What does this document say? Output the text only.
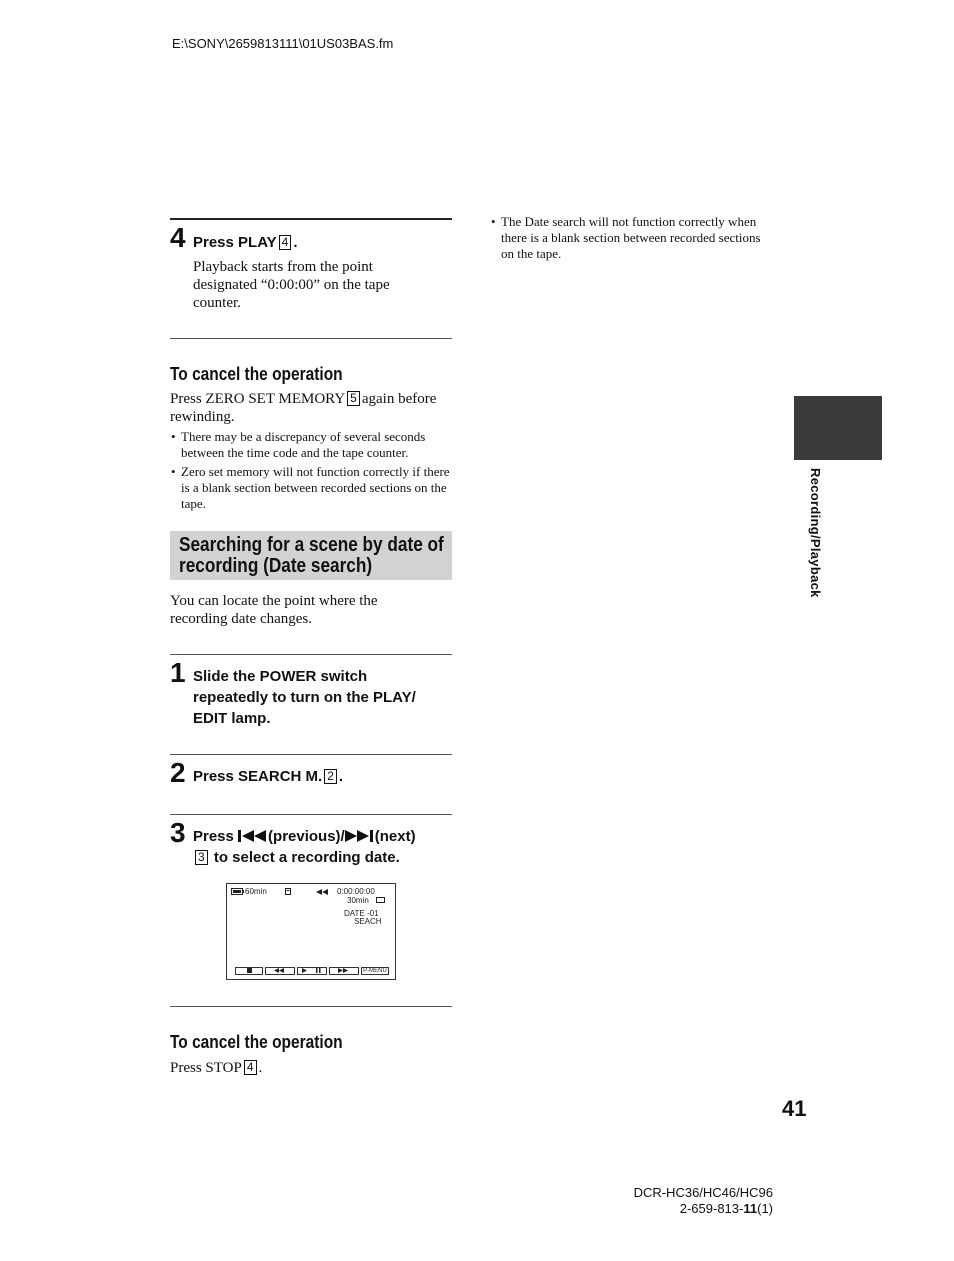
E:\SONY\2659813111\01US03BAS.fm
4 Press PLAY 4 .
Playback starts from the point designated “0:00:00” on the tape counter.
• The Date search will not function correctly when there is a blank section between recorded sections on the tape.
To cancel the operation
Press ZERO SET MEMORY 5 again before rewinding.
• There may be a discrepancy of several seconds between the time code and the tape counter.
• Zero set memory will not function correctly if there is a blank section between recorded sections on the tape.
Searching for a scene by date of
recording (Date search)
You can locate the point where the recording date changes.
1 Slide the POWER switch
repeatedly to turn on the PLAY/
EDIT lamp.
2 Press SEARCH M. 2 .
3 Press (previous)/ (next)
3 to select a recording date.
60min	0:00:00:00
30min
DATE -01
SEACH
P-MENU
To cancel the operation
Press STOP 4 .
Recording/Playback
41
DCR-HC36/HC46/HC96
2-659-813-11(1)
